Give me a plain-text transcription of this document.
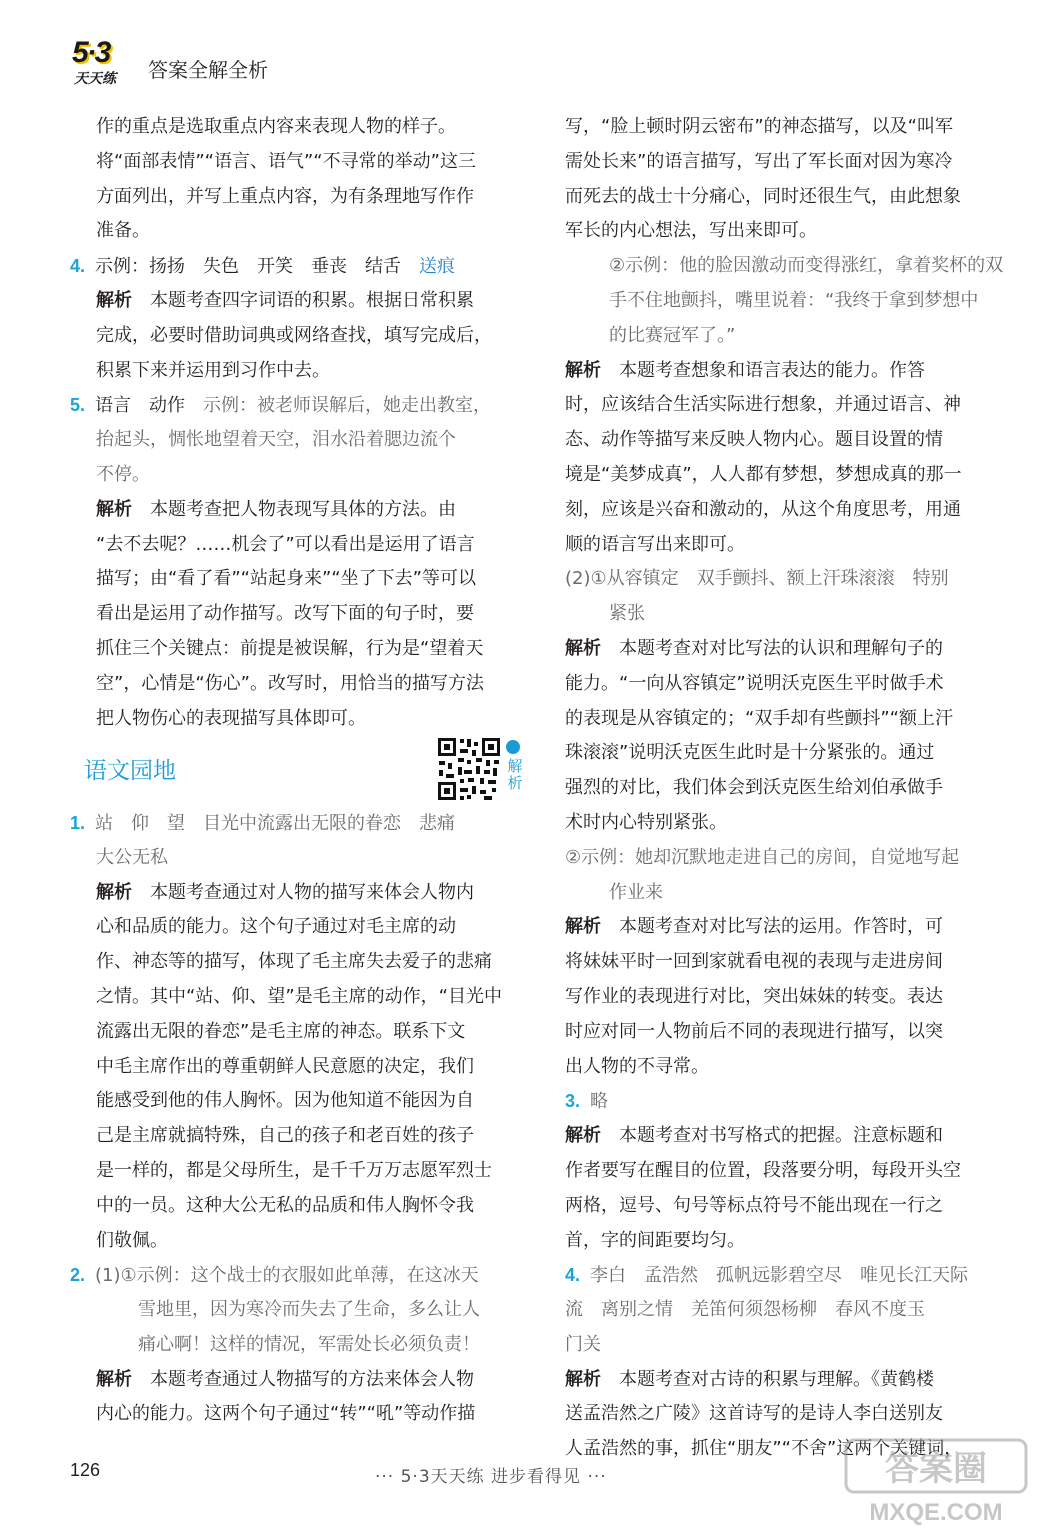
5·3
天天练 答案全解全析
作的重点是选取重点内容来表现人物的样子。
将“面部表情”“语言、语气”“不寻常的举动”这三
方面列出，并写上重点内容，为有条理地写作作
准备。
4. 示例：扬扬　失色　开笑　垂丧　结舌　送痕
解析　本题考查四字词语的积累。根据日常积累
完成，必要时借助词典或网络查找，填写完成后，
积累下来并运用到习作中去。
5. 语言　动作　示例：被老师误解后，她走出教室，
抬起头，惆怅地望着天空，泪水沿着腮边流个
不停。
解析　本题考查把人物表现写具体的方法。由
“去不去呢？……机会了”可以看出是运用了语言
描写；由“看了看”“站起身来”“坐了下去”等可以
看出是运用了动作描写。改写下面的句子时，要
抓住三个关键点：前提是被误解，行为是“望着天
空”，心情是“伤心”。改写时，用恰当的描写方法
把人物伤心的表现描写具体即可。
1. 站　仰　望　目光中流露出无限的眷恋　悲痛
大公无私
解析　本题考查通过对人物的描写来体会人物内
心和品质的能力。这个句子通过对毛主席的动
作、神态等的描写，体现了毛主席失去爱子的悲痛
之情。其中“站、仰、望”是毛主席的动作，“目光中
流露出无限的眷恋”是毛主席的神态。联系下文
中毛主席作出的尊重朝鲜人民意愿的决定，我们
能感受到他的伟人胸怀。因为他知道不能因为自
己是主席就搞特殊，自己的孩子和老百姓的孩子
是一样的，都是父母所生，是千千万万志愿军烈士
中的一员。这种大公无私的品质和伟人胸怀令我
们敬佩。
2. (1)①示例：这个战士的衣服如此单薄，在这冰天
雪地里，因为寒冷而失去了生命，多么让人
痛心啊！这样的情况，军需处长必须负责！
解析　本题考查通过人物描写的方法来体会人物
内心的能力。这两个句子通过“转”“吼”等动作描
语文园地	解析
写，“脸上顿时阴云密布”的神态描写，以及“叫军
需处长来”的语言描写，写出了军长面对因为寒冷
而死去的战士十分痛心，同时还很生气，由此想象
军长的内心想法，写出来即可。
②示例：他的脸因激动而变得涨红，拿着奖杯的双
手不住地颤抖，嘴里说着：“我终于拿到梦想中
的比赛冠军了。”
解析　本题考查想象和语言表达的能力。作答
时，应该结合生活实际进行想象，并通过语言、神
态、动作等描写来反映人物内心。题目设置的情
境是“美梦成真”，人人都有梦想，梦想成真的那一
刻，应该是兴奋和激动的，从这个角度思考，用通
顺的语言写出来即可。
(2)①从容镇定　双手颤抖、额上汗珠滚滚　特别
紧张
解析　本题考查对对比写法的认识和理解句子的
能力。“一向从容镇定”说明沃克医生平时做手术
的表现是从容镇定的；“双手却有些颤抖”“额上汗
珠滚滚”说明沃克医生此时是十分紧张的。通过
强烈的对比，我们体会到沃克医生给刘伯承做手
术时内心特别紧张。
②示例：她却沉默地走进自己的房间，自觉地写起
作业来
解析　本题考查对对比写法的运用。作答时，可
将妹妹平时一回到家就看电视的表现与走进房间
写作业的表现进行对比，突出妹妹的转变。表达
时应对同一人物前后不同的表现进行描写，以突
出人物的不寻常。
3. 略
解析　本题考查对书写格式的把握。注意标题和
作者要写在醒目的位置，段落要分明，每段开头空
两格，逗号、句号等标点符号不能出现在一行之
首，字的间距要均匀。
4. 李白　孟浩然　孤帆远影碧空尽　唯见长江天际
流　离别之情　羌笛何须怨杨柳　春风不度玉
门关
解析　本题考查对古诗的积累与理解。《黄鹤楼
送孟浩然之广陵》这首诗写的是诗人李白送别友
人孟浩然的事，抓住“朋友”“不舍”这两个关键词，
126	··· 5·3天天练 进步看得见 ···	答案圈
MXQE.COM
